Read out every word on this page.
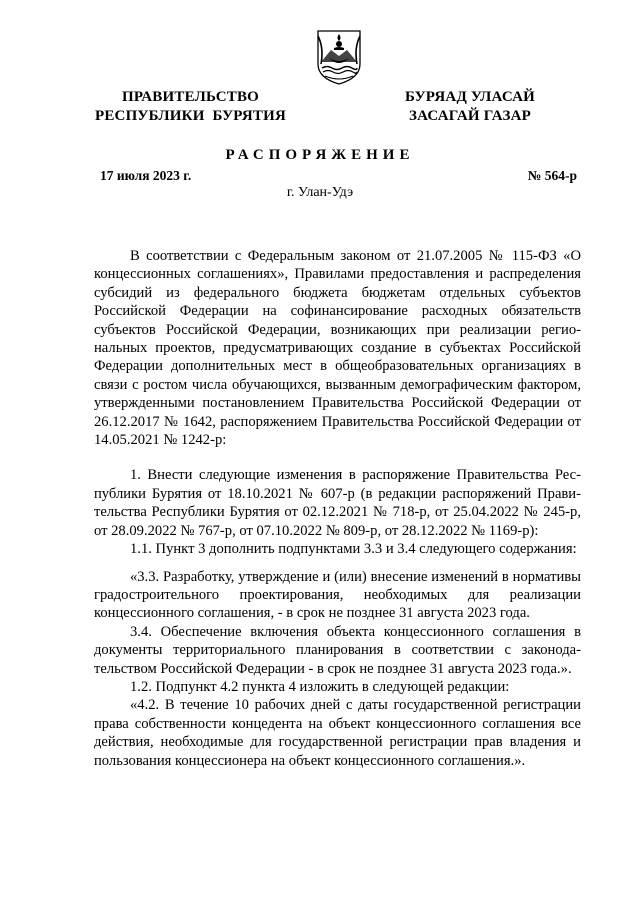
ПРАВИТЕЛЬСТВО
РЕСПУБЛИКИ  БУРЯТИЯ
БУРЯАД УЛАСАЙ
ЗАСАГАЙ ГАЗАР
РАСПОРЯЖЕНИЕ
17 июля 2023 г.	№ 564-р
г. Улан-Удэ

В соответствии с Федеральным законом от 21.07.2005 № 115-ФЗ «О концессионных соглашениях», Правилами предоставления и распределения субсидий из федерального бюджета бюджетам отдельных субъектов Российской Федерации на софинансирование расходных обязательств субъектов Российской Федерации, возникающих при реализации региональных проектов, предусматривающих создание в субъектах Российской Федерации дополнительных мест в общеобразовательных организациях в связи с ростом числа обучающихся, вызванным демографическим фактором, утвержденными постановлением Правительства Российской Федерации от 26.12.2017 № 1642, распоряжением Правительства Российской Федерации от 14.05.2021 № 1242-р:

1. Внести следующие изменения в распоряжение Правительства Республики Бурятия от 18.10.2021 № 607-р (в редакции распоряжений Правительства Республики Бурятия от 02.12.2021 № 718-р, от 25.04.2022 № 245-р, от 28.09.2022 № 767-р, от 07.10.2022 № 809-р, от 28.12.2022 № 1169-р):

1.1. Пункт 3 дополнить подпунктами 3.3 и 3.4 следующего содержания:

«3.3. Разработку, утверждение и (или) внесение изменений в нормативы градостроительного проектирования, необходимых для реализации концессионного соглашения, - в срок не позднее 31 августа 2023 года.

3.4. Обеспечение включения объекта концессионного соглашения в документы территориального планирования в соответствии с законодательством Российской Федерации - в срок не позднее 31 августа 2023 года.».

1.2. Подпункт 4.2 пункта 4 изложить в следующей редакции:

«4.2. В течение 10 рабочих дней с даты государственной регистрации права собственности концедента на объект концессионного соглашения все действия, необходимые для государственной регистрации прав владения и пользования концессионера на объект концессионного соглашения.».
